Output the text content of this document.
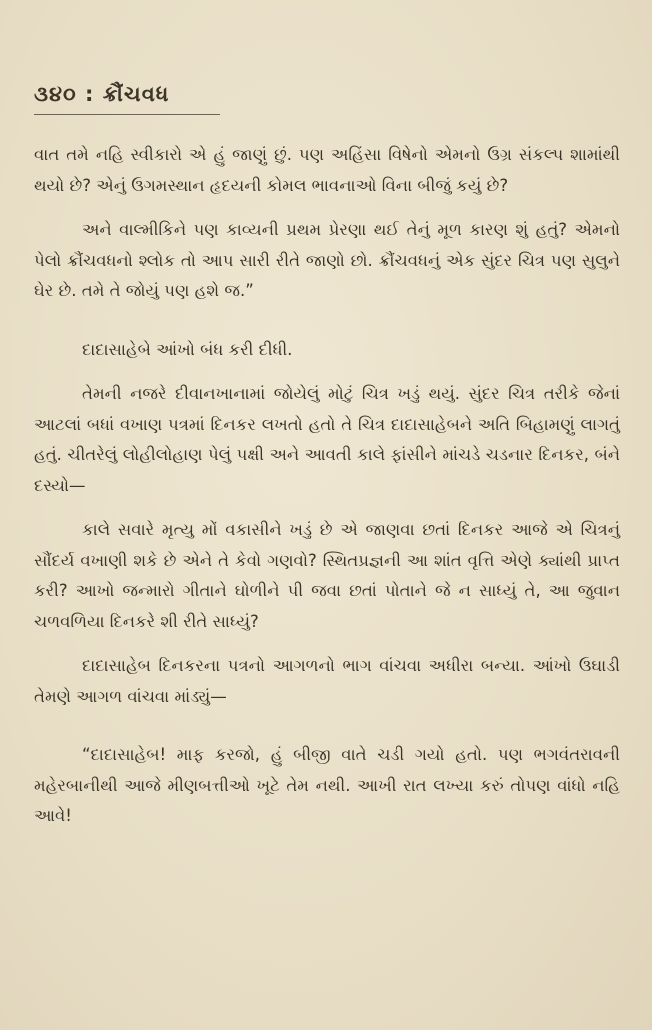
૩૪૦ : ક્રૌંચવધ

વાત તમે નહિ સ્વીકારો એ હું જાણું છું. પણ અહિંસા વિષેનો એમનો ઉગ્ર સંકલ્પ શામાંથી થયો છે? એનું ઉગમસ્થાન હૃદયની કોમલ ભાવનાઓ વિના બીજું કયું છે?

અને વાલ્મીકિને પણ કાવ્યની પ્રથમ પ્રેરણા થઈ તેનું મૂળ કારણ શું હતું? એમનો પેલો ક્રૌંચવધનો શ્લોક તો આપ સારી રીતે જાણો છો. ક્રૌંચવધનું એક સુંદર ચિત્ર પણ સુલુને ઘેર છે. તમે તે જોયું પણ હશે જ.”

દાદાસાહેબે આંખો બંધ કરી દીધી.

તેમની નજરે દીવાનખાનામાં જોયેલું મોટું ચિત્ર ખડું થયું. સુંદર ચિત્ર તરીકે જેનાં આટલાં બધાં વખાણ પત્રમાં દિનકર લખતો હતો તે ચિત્ર દાદાસાહેબને અતિ બિહામણું લાગતું હતું. ચીતરેલું લોહીલોહાણ પેલું પક્ષી અને આવતી કાલે ફાંસીને માંચડે ચડનાર દિનકર, બંને દસ્યો—

કાલે સવારે મૃત્યુ મોં વકાસીને ખડું છે એ જાણવા છતાં દિનકર આજે એ ચિત્રનું સૌંદર્ય વખાણી શકે છે એને તે કેવો ગણવો? સ્થિતપ્રજ્ઞની આ શાંત વૃત્તિ એણે ક્યાંથી પ્રાપ્ત કરી? આખો જન્મારો ગીતાને ઘોળીને પી જવા છતાં પોતાને જે ન સાધ્યું તે, આ જુવાન ચળવળિયા દિનકરે શી રીતે સાધ્યું?

દાદાસાહેબ દિનકરના પત્રનો આગળનો ભાગ વાંચવા અધીરા બન્યા. આંખો ઉઘાડી તેમણે આગળ વાંચવા માંડ્યું—

“દાદાસાહેબ! માફ કરજો, હું બીજી વાતે ચડી ગયો હતો. પણ ભગવંતરાવની મહેરબાનીથી આજે મીણબત્તીઓ ખૂટે તેમ નથી. આખી રાત લખ્યા કરું તોપણ વાંધો નહિ આવે!
